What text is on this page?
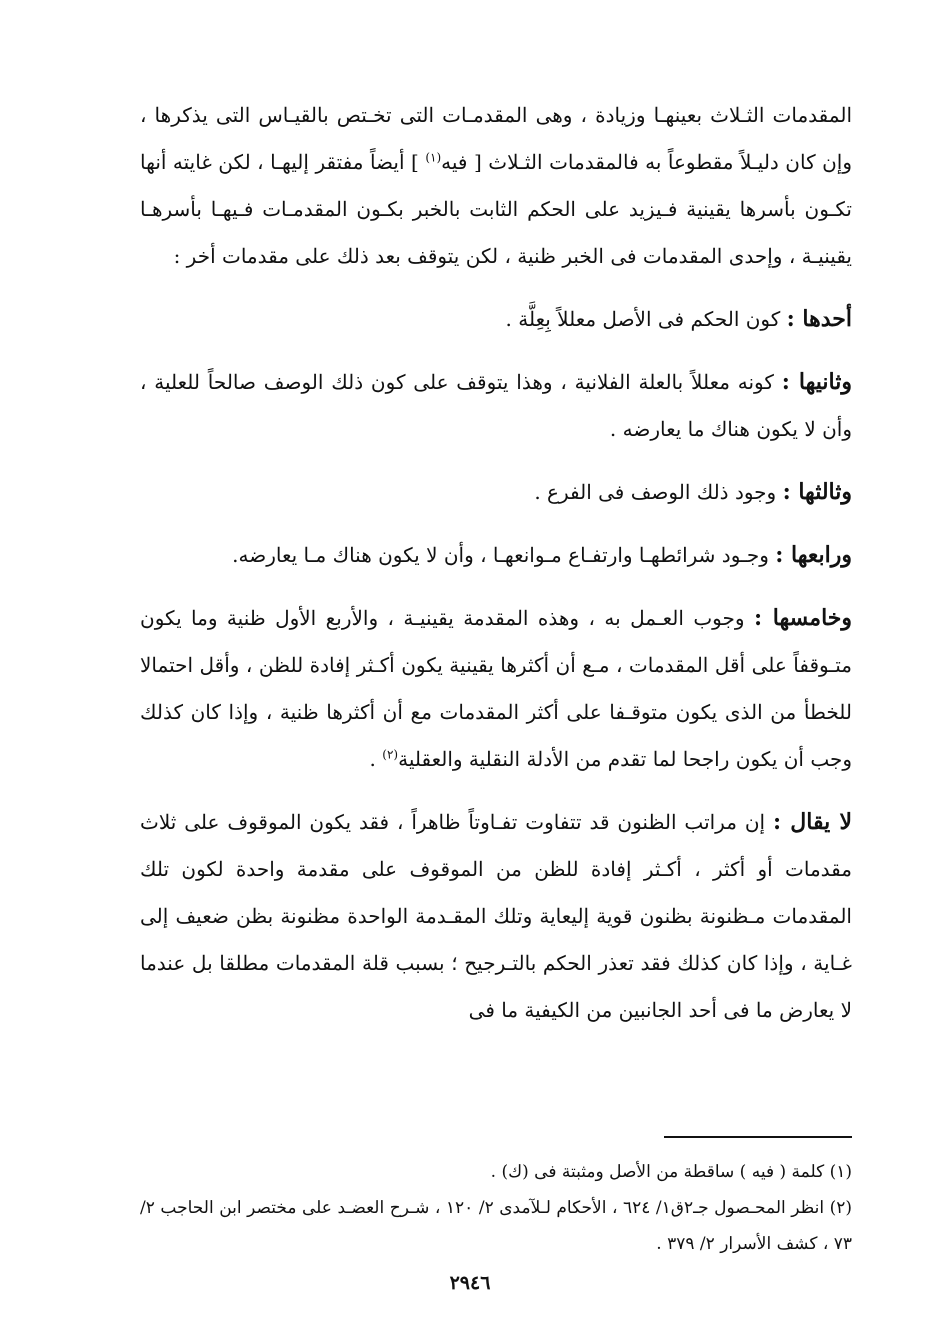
المقدمات الثـلاث بعينهـا وزيادة ، وهى المقدمـات التى تخـتص بالقيـاس التى يذكرها ، وإن كان دليـلاً مقطوعاً به فالمقدمات الثـلاث [ فيه$^{(١)}$ ] أيضاً مفتقر إليهـا ، لكن غايته أنها تكـون بأسرها يقينية فـيزيد على الحكم الثابت بالخبر بكـون المقدمـات فـيهـا بأسرهـا يقينيـة ، وإحدى المقدمات فى الخبر ظنية ، لكن يتوقف بعد ذلك على مقدمات أخر :

أحدها : كون الحكم فى الأصل معللاً بِعِلَّة .

وثانيها : كونه معللاً بالعلة الفلانية ، وهذا يتوقف على كون ذلك الوصف صالحاً للعلية ، وأن لا يكون هناك ما يعارضه .

وثالثها : وجود ذلك الوصف فى الفرع .

ورابعها : وجـود شرائطهـا وارتفـاع مـوانعهـا ، وأن لا يكون هناك مـا يعارضه.

وخامسها : وجوب العـمل به ، وهذه المقدمة يقينيـة ، والأربع الأول ظنية وما يكون متـوقفاً على أقل المقدمات ، مـع أن أكثرها يقينية يكون أكـثر إفادة للظن ، وأقل احتمالا للخطأ من الذى يكون متوقـفا على أكثر المقدمات مع أن أكثرها ظنية ، وإذا كان كذلك وجب أن يكون راجحا لما تقدم من الأدلة النقلية والعقلية$^{(٢)}$ .

لا يقال : إن مراتب الظنون قد تتفاوت تفـاوتاً ظاهراً ، فقد يكون الموقوف على ثلاث مقدمات أو أكثر ، أكـثر إفادة للظن من الموقوف على مقدمة واحدة لكون تلك المقدمات مـظنونة بظنون قوية إليعاية وتلك المقـدمة الواحدة مظنونة بظن ضعيف إلى غـاية ، وإذا كان كذلك فقد تعذر الحكم بالتـرجيح ؛ بسبب قلة المقدمات مطلقا بل عندما لا يعارض ما فى أحد الجانبين من الكيفية ما فى

(١) كلمة ( فيه ) ساقطة من الأصل ومثبتة فى (ك) .

(٢) انظر المحـصول جـ٢ق١/ ٦٢٤ ، الأحكام لـلآمدى ٢/ ١٢٠ ، شـرح العضـد على مختصر ابن الحاجب ٢/ ٧٣ ، كشف الأسرار ٢/ ٣٧٩ .

٢٩٤٦
